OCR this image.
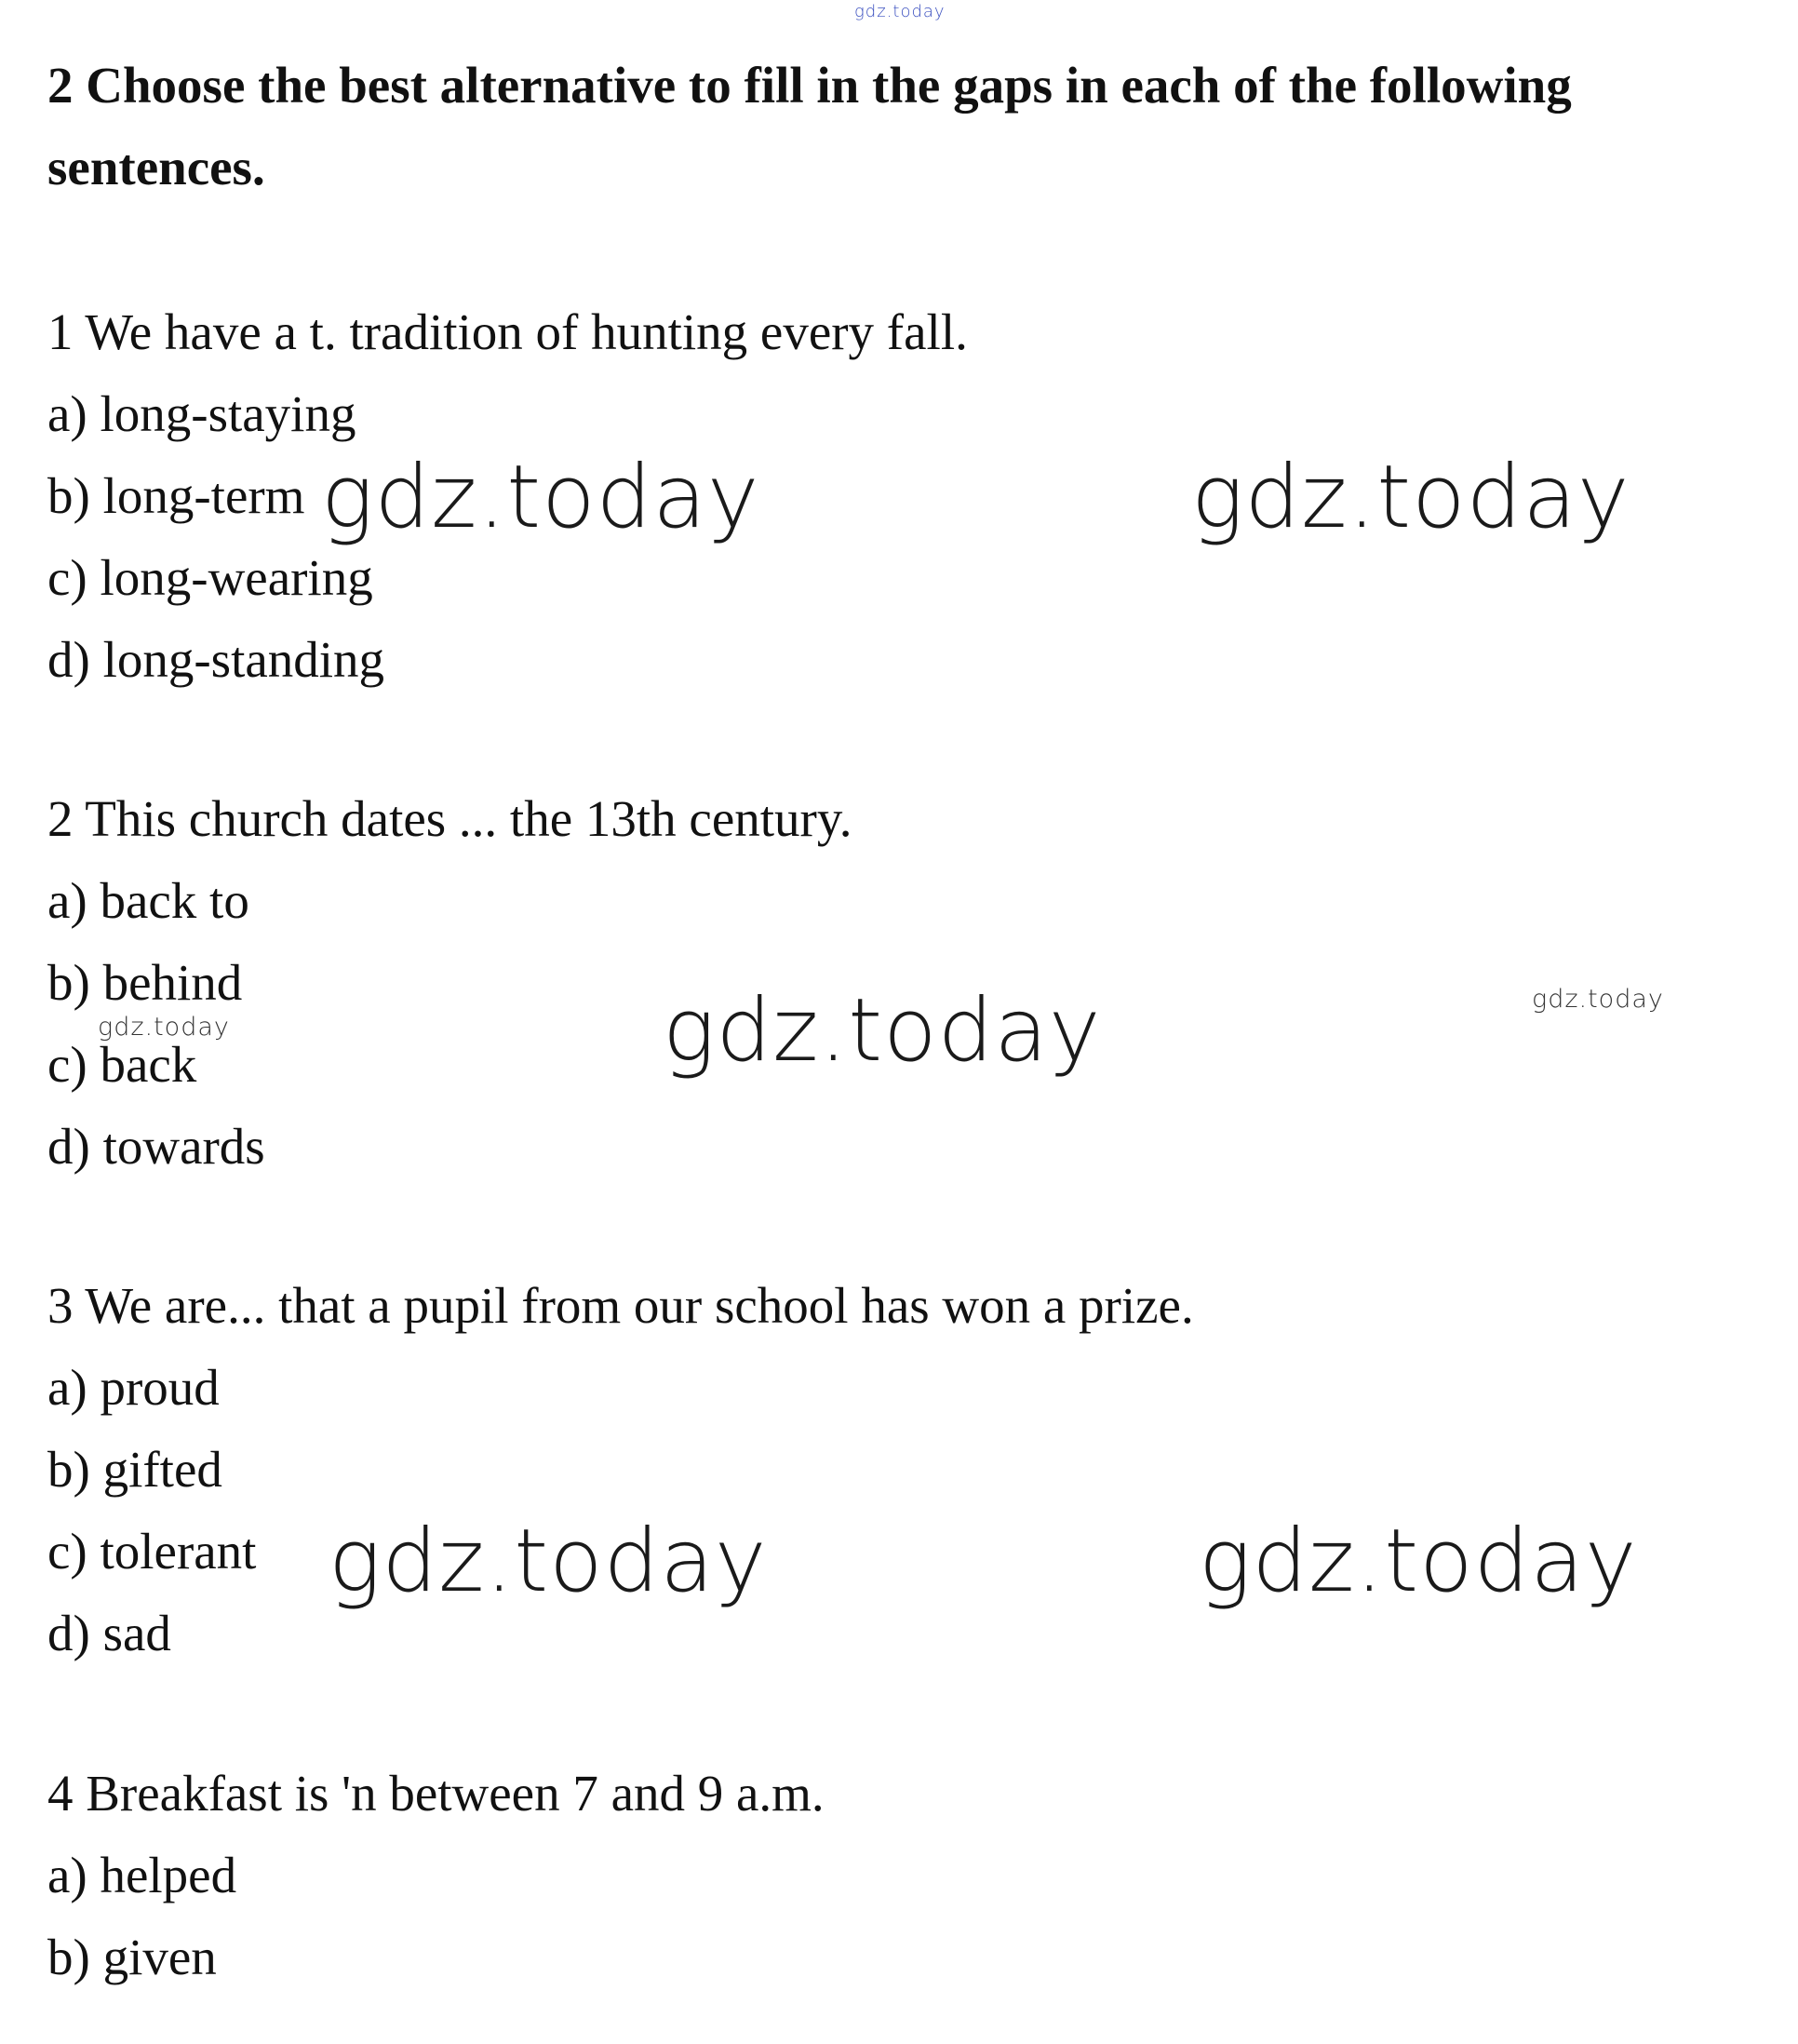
gdz.today

2 Choose the best alternative to fill in the gaps in each of the following sentences.

1 We have a t. tradition of hunting every fall.
a) long-staying
b) long-term
c) long-wearing
d) long-standing
2 This church dates ... the 13th century.
a) back to
b) behind
c) back
d) towards
3 We are... that a pupil from our school has won a prize.
a) proud
b) gifted
c) tolerant
d) sad
4 Breakfast is 'n between 7 and 9 a.m.
a) helped
b) given
gdz.today	gdz.today
gdz.today	gdz.today
gdz.today
gdz.today	gdz.today
